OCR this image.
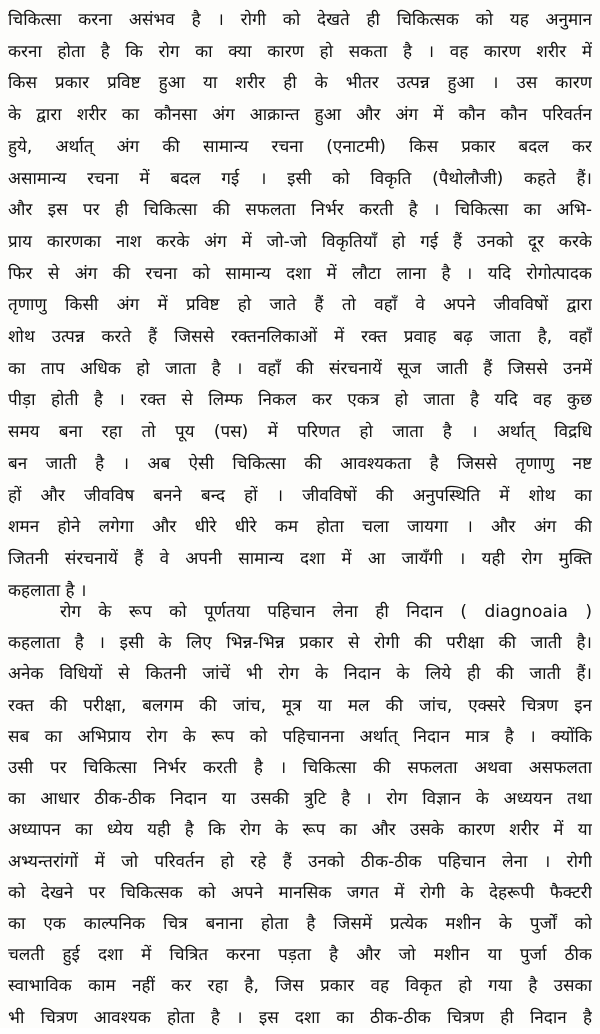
चिकित्सा करना असंभव है । रोगी को देखते ही चिकित्सक को यह अनुमान
करना होता है कि रोग का क्या कारण हो सकता है । वह कारण शरीर में
किस प्रकार प्रविष्ट हुआ या शरीर ही के भीतर उत्पन्न हुआ । उस कारण
के द्वारा शरीर का कौनसा अंग आक्रान्त हुआ और अंग में कौन कौन परिवर्तन
हुये, अर्थात् अंग की सामान्य रचना (एनाटमी) किस प्रकार बदल कर
असामान्य रचना में बदल गई । इसी को विकृति (पैथोलौजी) कहते हैं।
और इस पर ही चिकित्सा की सफलता निर्भर करती है । चिकित्सा का अभि-
प्राय कारणका नाश करके अंग में जो-जो विकृतियाँ हो गई हैं उनको दूर करके
फिर से अंग की रचना को सामान्य दशा में लौटा लाना है । यदि रोगोत्पादक
तृणाणु किसी अंग में प्रविष्ट हो जाते हैं तो वहाँ वे अपने जीवविषों द्वारा
शोथ उत्पन्न करते हैं जिससे रक्तनलिकाओं में रक्त प्रवाह बढ़ जाता है, वहाँ
का ताप अधिक हो जाता है । वहाँ की संरचनायें सूज जाती हैं जिससे उनमें
पीड़ा होती है । रक्त से लिम्फ निकल कर एकत्र हो जाता है यदि वह कुछ
समय बना रहा तो पूय (पस) में परिणत हो जाता है । अर्थात् विद्रधि
बन जाती है । अब ऐसी चिकित्सा की आवश्यकता है जिससे तृणाणु नष्ट
हों और जीवविष बनने बन्द हों । जीवविषों की अनुपस्थिति में शोथ का
शमन होने लगेगा और धीरे धीरे कम होता चला जायगा । और अंग की
जितनी संरचनायें हैं वे अपनी सामान्य दशा में आ जायँगी । यही रोग मुक्ति
कहलाता है ।
रोग के रूप को पूर्णतया पहिचान लेना ही निदान ( diagnoaia )
कहलाता है । इसी के लिए भिन्न-भिन्न प्रकार से रोगी की परीक्षा की जाती है।
अनेक विधियों से कितनी जांचें भी रोग के निदान के लिये ही की जाती हैं।
रक्त की परीक्षा, बलगम की जांच, मूत्र या मल की जांच, एक्सरे चित्रण इन
सब का अभिप्राय रोग के रूप को पहिचानना अर्थात् निदान मात्र है । क्योंकि
उसी पर चिकित्सा निर्भर करती है । चिकित्सा की सफलता अथवा असफलता
का आधार ठीक-ठीक निदान या उसकी त्रुटि है । रोग विज्ञान के अध्ययन तथा
अध्यापन का ध्येय यही है कि रोग के रूप का और उसके कारण शरीर में या
अभ्यन्तरांगों में जो परिवर्तन हो रहे हैं उनको ठीक-ठीक पहिचान लेना । रोगी
को देखने पर चिकित्सक को अपने मानसिक जगत में रोगी के देहरूपी फैक्टरी
का एक काल्पनिक चित्र बनाना होता है जिसमें प्रत्येक मशीन के पुर्जों को
चलती हुई दशा में चित्रित करना पड़ता है और जो मशीन या पुर्जा ठीक
स्वाभाविक काम नहीं कर रहा है, जिस प्रकार वह विकृत हो गया है उसका
भी चित्रण आवश्यक होता है । इस दशा का ठीक-ठीक चित्रण ही निदान है
